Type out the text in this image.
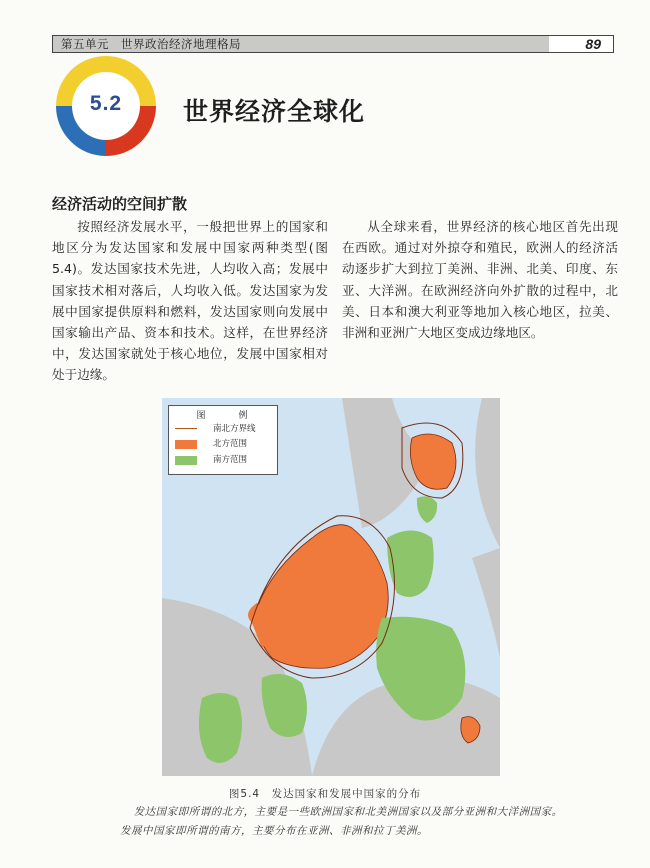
第五单元　世界政治经济地理格局	89
5.2	世界经济全球化
经济活动的空间扩散
按照经济发展水平，一般把世界上的国家和地区分为发达国家和发展中国家两种类型(图5.4)。发达国家技术先进，人均收入高；发展中国家技术相对落后，人均收入低。发达国家为发展中国家提供原料和燃料，发达国家则向发展中国家输出产品、资本和技术。这样，在世界经济中，发达国家就处于核心地位，发展中国家相对处于边缘。
从全球来看，世界经济的核心地区首先出现在西欧。通过对外掠夺和殖民，欧洲人的经济活动逐步扩大到拉丁美洲、非洲、北美、印度、东亚、大洋洲。在欧洲经济向外扩散的过程中，北美、日本和澳大利亚等地加入核心地区，拉美、非洲和亚洲广大地区变成边缘地区。
图　例
南北方界线
北方范围
南方范围
图5.4　发达国家和发展中国家的分布
发达国家即所谓的北方，主要是一些欧洲国家和北美洲国家以及部分亚洲和大洋洲国家。发展中国家即所谓的南方，主要分布在亚洲、非洲和拉丁美洲。
